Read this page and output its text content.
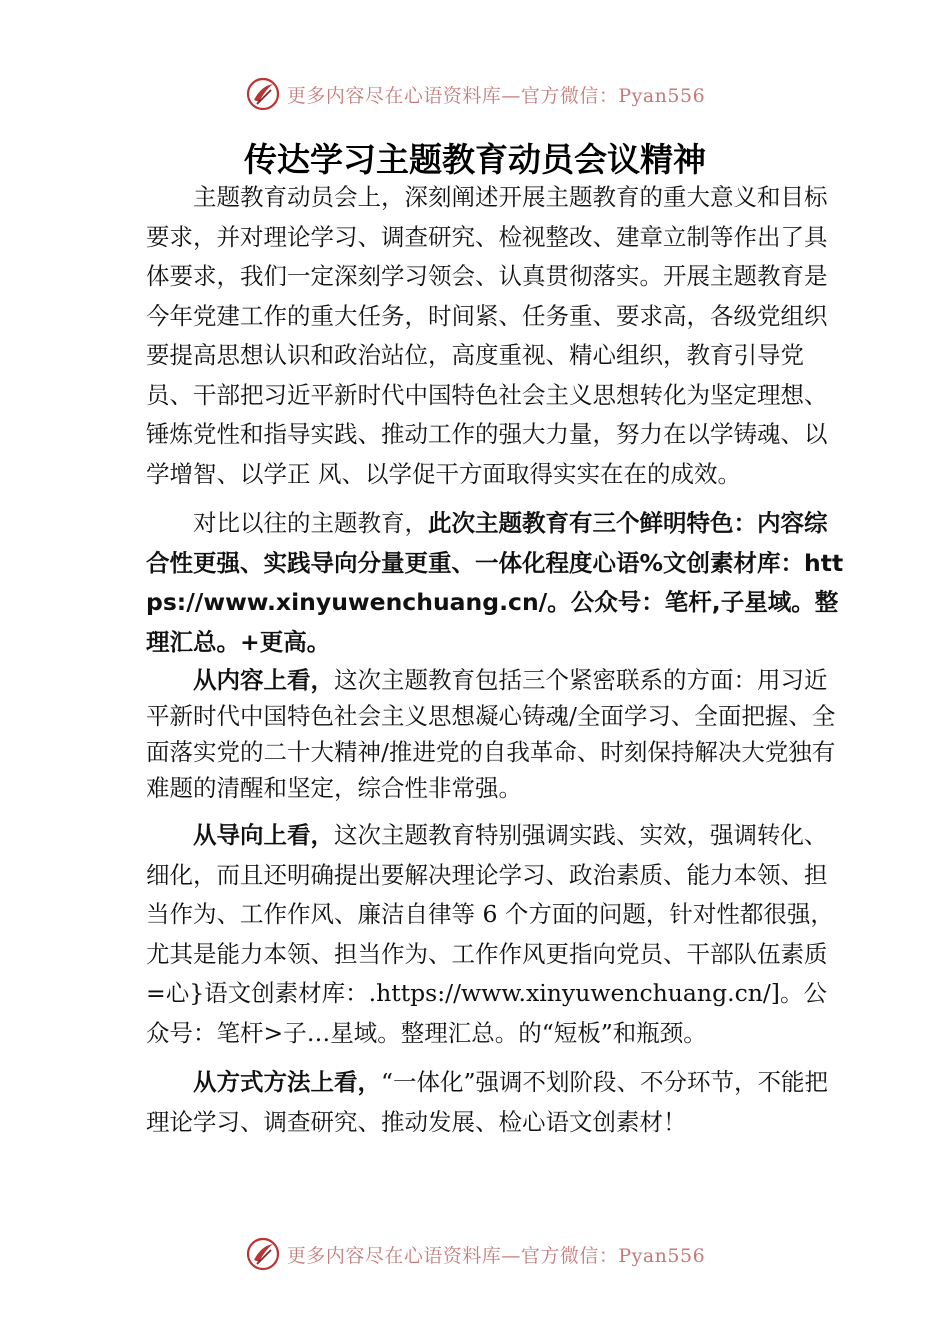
更多内容尽在心语资料库—官方微信：Pyan556
传达学习主题教育动员会议精神

主题教育动员会上，深刻阐述开展主题教育的重大意义和目标要求，并对理论学习、调查研究、检视整改、建章立制等作出了具体要求，我们一定深刻学习领会、认真贯彻落实。开展主题教育是今年党建工作的重大任务，时间紧、任务重、要求高，各级党组织要提高思想认识和政治站位，高度重视、精心组织，教育引导党员、干部把习近平新时代中国特色社会主义思想转化为坚定理想、锤炼党性和指导实践、推动工作的强大力量，努力在以学铸魂、以学增智、以学正 风、以学促干方面取得实实在在的成效。

对比以往的主题教育，此次主题教育有三个鲜明特色：内容综合性更强、实践导向分量更重、一体化程度心语%文创素材库：https://www.xinyuwenchuang.cn/。公众号：笔杆,子星域。整理汇总。+更高。

从内容上看，这次主题教育包括三个紧密联系的方面：用习近平新时代中国特色社会主义思想凝心铸魂/全面学习、全面把握、全面落实党的二十大精神/推进党的自我革命、时刻保持解决大党独有难题的清醒和坚定，综合性非常强。

从导向上看，这次主题教育特别强调实践、实效，强调转化、细化，而且还明确提出要解决理论学习、政治素质、能力本领、担当作为、工作作风、廉洁自律等 6 个方面的问题，针对性都很强，尤其是能力本领、担当作为、工作作风更指向党员、干部队伍素质=心}语文创素材库：.https://www.xinyuwenchuang.cn/]。公众号：笔杆>子…星域。整理汇总。的“短板”和瓶颈。

从方式方法上看，“一体化”强调不划阶段、不分环节，不能把理论学习、调查研究、推动发展、检心语文创素材！

更多内容尽在心语资料库—官方微信：Pyan556
